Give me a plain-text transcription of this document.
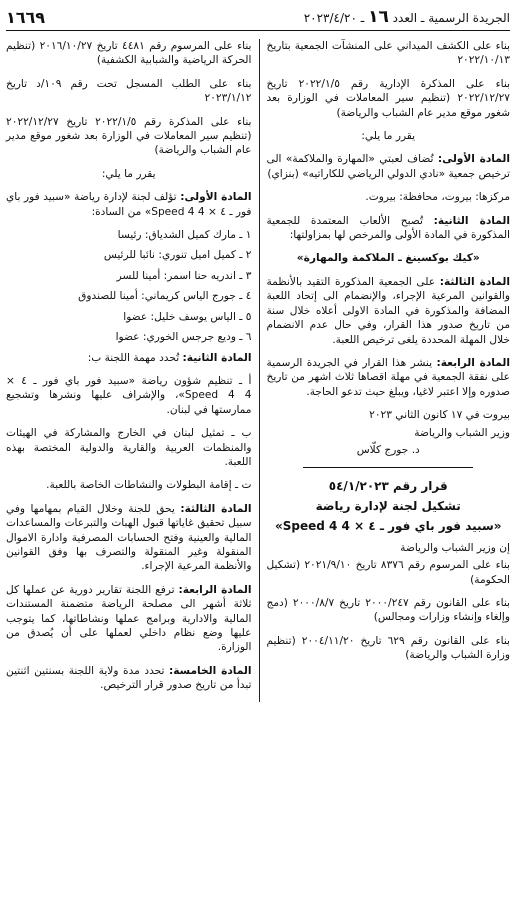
الجريدة الرسمية ـ العدد ١٦ ـ ٢٠٢٣/٤/٢٠
١٦٦٩

بناء على الكشف الميداني على المنشآت الجمعية بتاريخ ٢٠٢٢/١٠/١٣

بناء على المذكرة الإدارية رقم ٢٠٢٢/١/٥ تاريخ ٢٠٢٢/١٢/٢٧ (تنظيم سير المعاملات في الوزارة بعد شغور موقع مدير عام الشباب والرياضة)

يقرر ما يلي:

المادة الأولى: تُضاف لعبتي «المهارة والملاكمة» الى ترخيص جمعية «نادي الدولي الرياضي للكاراتيه» (بنزاي)

مركزها: بيروت، محافظة: بيروت.

المادة الثانية: تُصبح الألعاب المعتمدة للجمعية المذكورة في المادة الأولى والمرخص لها بمزاولتها:

«كيك بوكسينغ ـ الملاكمة والمهارة»

المادة الثالثة: على الجمعية المذكورة التقيد بالأنظمة والقوانين المرعية الإجراء، والإنضمام الى إتحاد اللعبة المضافة والمذكورة في المادة الاولى أعلاه خلال سنة من تاريخ صدور هذا القرار، وفي حال عدم الانضمام خلال المهلة المحددة يلغى ترخيص اللعبة.

المادة الرابعة: ينشر هذا القرار في الجريدة الرسمية على نفقة الجمعية في مهلة اقصاها ثلاث اشهر من تاريخ صدوره وإلا اعتبر لاغيا، ويبلغ حيث تدعو الحاجة.

بيروت في ١٧ كانون الثاني ٢٠٢٣

وزير الشباب والرياضة

د. جورج كلّاس

قرار رقم ٥٤/١/٢٠٢٣

تشكيل لجنة لإدارة رياضة

«سبيد فور باي فور ـ ٤ × Speed 4 4»

إن وزير الشباب والرياضة

بناء على المرسوم رقم ٨٣٧٦ تاريخ ٢٠٢١/٩/١٠ (تشكيل الحكومة)

بناء على القانون رقم ٢٠٠٠/٢٤٧ تاريخ ٢٠٠٠/٨/٧ (دمج وإلغاء وإنشاء وزارات ومجالس)

بناء على القانون رقم ٦٢٩ تاريخ ٢٠٠٤/١١/٢٠ (تنظيم وزارة الشباب والرياضة)

بناء على المرسوم رقم ٤٤٨١ تاريخ ٢٠١٦/١٠/٢٧ (تنظيم الحركة الرياضية والشبابية الكشفية)

بناء على الطلب المسجل تحت رقم ١٠٩/د تاريخ ٢٠٢٣/١/١٢

بناء على المذكرة رقم ٢٠٢٢/١/٥ تاريخ ٢٠٢٢/١٢/٢٧ (تنظيم سير المعاملات في الوزارة بعد شغور موقع مدير عام الشباب والرياضة)

يقرر ما يلي:

المادة الأولى: تؤلف لجنة لإدارة رياضة «سبيد فور باي فور ـ ٤ × Speed 4 4» من السادة:

١ ـ مارك كميل الشدياق: رئيسا

٢ ـ كميل اميل تنوري: نائبا للرئيس

٣ ـ اندريه حنا اسمر: أمينا للسر

٤ ـ جورج الياس كريماني: أمينا للصندوق

٥ ـ الياس يوسف خليل: عضوا

٦ ـ وديع جرجس الخوري: عضوا

المادة الثانية: تُحدد مهمة اللجنة ب:

أ ـ تنظيم شؤون رياضة «سبيد فور باي فور ـ ٤ × Speed 4 4»، والإشراف عليها ونشرها وتشجيع ممارستها في لبنان.

ب ـ تمثيل لبنان في الخارج والمشاركة في الهيئات والمنظمات العربية والقارية والدولية المختصة بهذه اللعبة.

ت ـ إقامة البطولات والنشاطات الخاصة باللعبة.

المادة الثالثة: يحق للجنة وخلال القيام بمهامها وفي سبيل تحقيق غاياتها قبول الهبات والتبرعات والمساعدات المالية والعينية وفتح الحسابات المصرفية وادارة الاموال المنقولة وغير المنقولة والتصرف بها وفق القوانين والأنظمة المرعية الإجراء.

المادة الرابعة: ترفع اللجنة تقارير دورية عن عملها كل ثلاثة أشهر الى مصلحة الرياضة متضمنة المستندات المالية والادارية وبرامج عملها ونشاطاتها، كما يتوجب عليها وضع نظام داخلي لعملها على أن يُصدق من الوزارة.

المادة الخامسة: تحدد مدة ولاية اللجنة بسنتين اثنتين تبدأ من تاريخ صدور قرار الترخيص.
